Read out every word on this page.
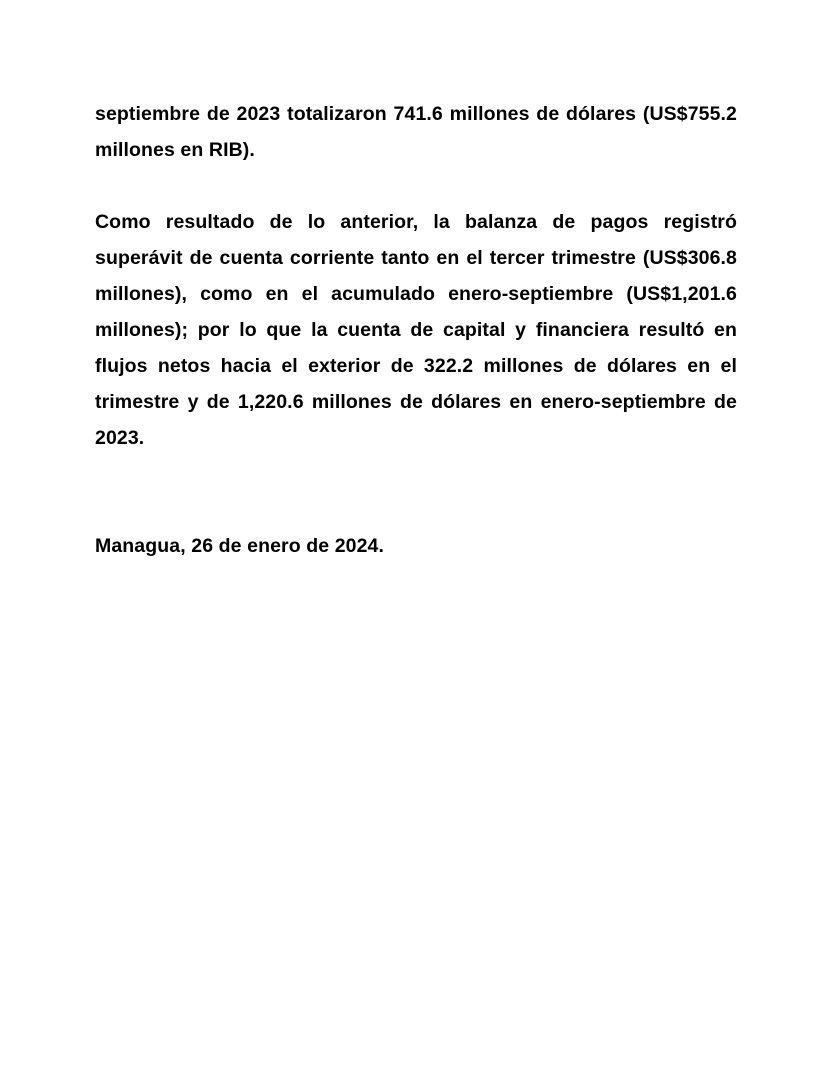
septiembre de 2023 totalizaron 741.6 millones de dólares (US$755.2 millones en RIB).

Como resultado de lo anterior, la balanza de pagos registró superávit de cuenta corriente tanto en el tercer trimestre (US$306.8 millones), como en el acumulado enero-septiembre (US$1,201.6 millones); por lo que la cuenta de capital y financiera resultó en flujos netos hacia el exterior de 322.2 millones de dólares en el trimestre y de 1,220.6 millones de dólares en enero-septiembre de 2023.

Managua, 26 de enero de 2024.
